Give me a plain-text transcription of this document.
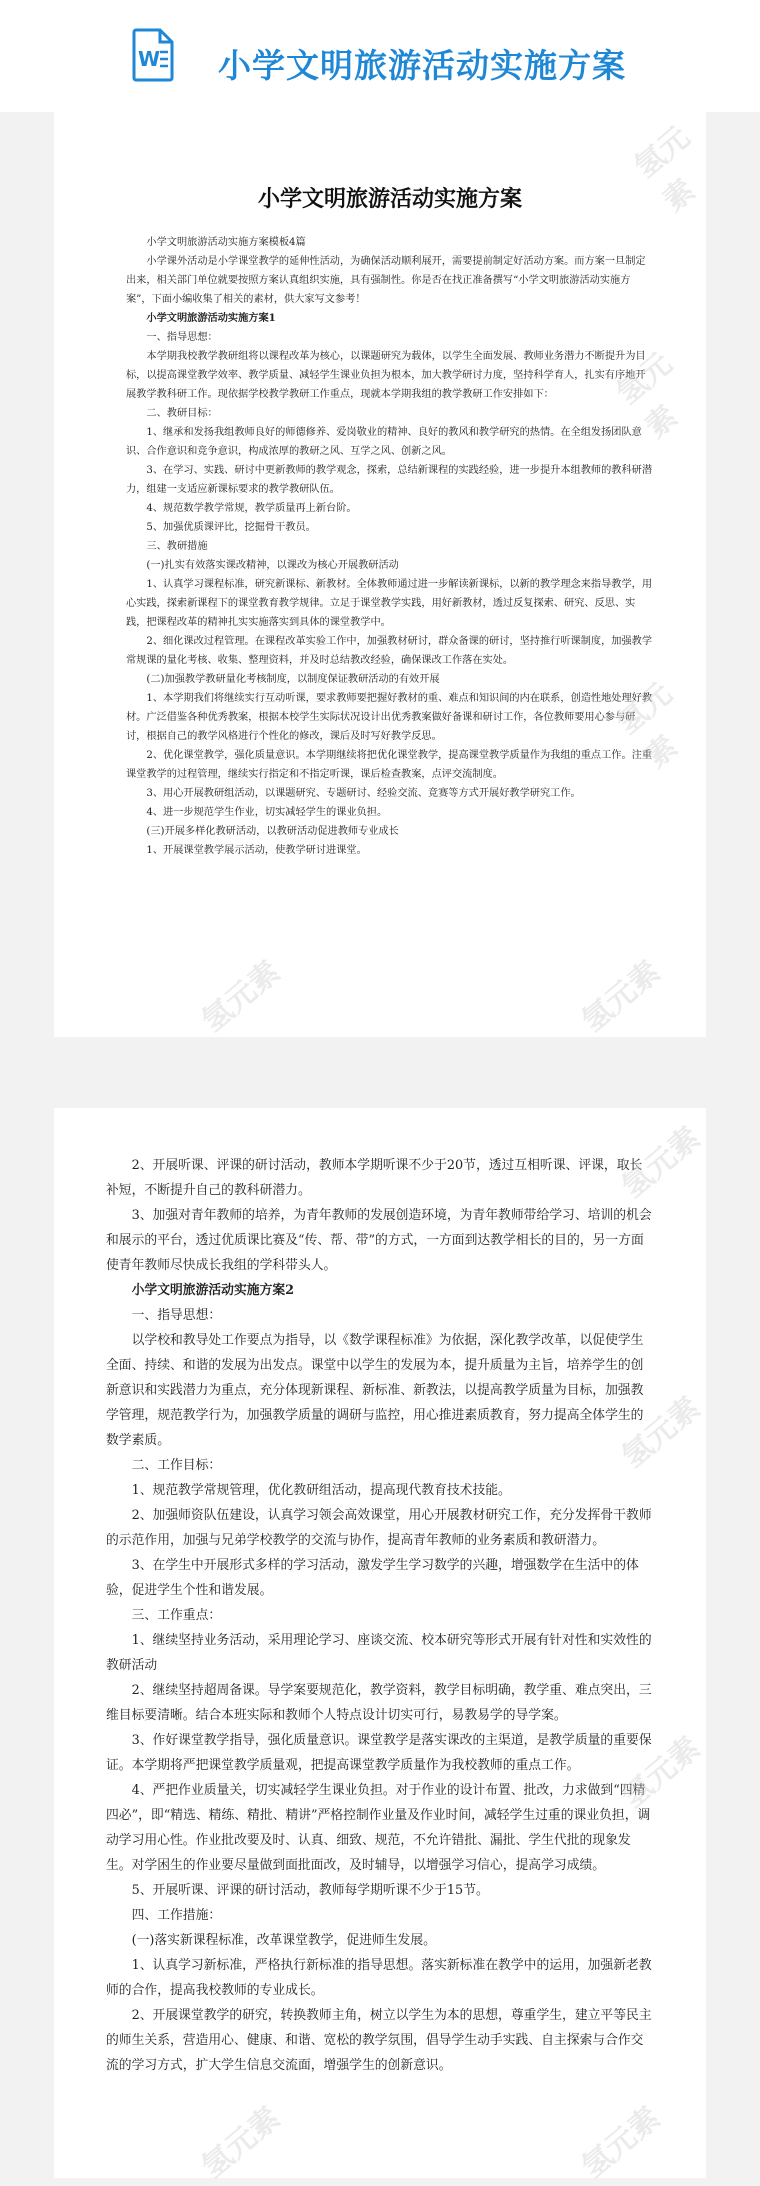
W 小学文明旅游活动实施方案
小学文明旅游活动实施方案

小学文明旅游活动实施方案模板4篇

小学课外活动是小学课堂教学的延伸性活动，为确保活动顺利展开，需要提前制定好活动方案。而方案一旦制定出来，相关部门单位就要按照方案认真组织实施，具有强制性。你是否在找正准备撰写“小学文明旅游活动实施方案”，下面小编收集了相关的素材，供大家写文参考！

小学文明旅游活动实施方案1

一、指导思想：

本学期我校教学教研组将以课程改革为核心，以课题研究为载体，以学生全面发展、教师业务潜力不断提升为目标，以提高课堂教学效率、教学质量、减轻学生课业负担为根本，加大教学研讨力度，坚持科学育人，扎实有序地开展教学教科研工作。现依据学校教学教研工作重点，现就本学期我组的教学教研工作安排如下：

二、教研目标：

1、继承和发扬我组教师良好的师德修养、爱岗敬业的精神、良好的教风和教学研究的热情。在全组发扬团队意识、合作意识和竞争意识，构成浓厚的教研之风、互学之风、创新之风。

3、在学习、实践、研讨中更新教师的教学观念，探索，总结新课程的实践经验，进一步提升本组教师的教科研潜力，组建一支适应新课标要求的教学教研队伍。

4、规范数学教学常规，教学质量再上新台阶。

5、加强优质课评比，挖掘骨干教员。

三、教研措施

(一)扎实有效落实课改精神，以课改为核心开展教研活动

1、认真学习课程标准，研究新课标、新教材。全体教师通过进一步解读新课标，以新的教学理念来指导教学，用心实践，探索新课程下的课堂教育教学规律。立足于课堂教学实践，用好新教材，透过反复探索、研究、反思、实践，把课程改革的精神扎实实施落实到具体的课堂教学中。

2、细化课改过程管理。在课程改革实验工作中，加强教材研讨，群众备课的研讨，坚持推行听课制度，加强教学常规课的量化考核、收集、整理资料，并及时总结教改经验，确保课改工作落在实处。

(二)加强教学教研量化考核制度，以制度保证教研活动的有效开展

1、本学期我们将继续实行互动听课，要求教师要把握好教材的重、难点和知识间的内在联系，创造性地处理好教材。广泛借鉴各种优秀教案，根据本校学生实际状况设计出优秀教案做好备课和研讨工作，各位教师要用心参与研讨，根据自己的教学风格进行个性化的修改，课后及时写好教学反思。

2、优化课堂教学，强化质量意识。本学期继续将把优化课堂教学，提高课堂教学质量作为我组的重点工作。注重课堂教学的过程管理，继续实行指定和不指定听课，课后检查教案，点评交流制度。

3、用心开展教研组活动，以课题研究、专题研讨、经验交流、竞赛等方式开展好教学研究工作。

4、进一步规范学生作业，切实减轻学生的课业负担。

(三)开展多样化教研活动，以教研活动促进教师专业成长

1、开展课堂教学展示活动，使教学研讨进课堂。

氢元素
氢元素
氢元素
氢元素	氢元素

2、开展听课、评课的研讨活动，教师本学期听课不少于20节，透过互相听课、评课，取长补短，不断提升自己的教科研潜力。

3、加强对青年教师的培养，为青年教师的发展创造环境，为青年教师带给学习、培训的机会和展示的平台，透过优质课比赛及“传、帮、带”的方式，一方面到达教学相长的目的，另一方面使青年教师尽快成长我组的学科带头人。

小学文明旅游活动实施方案2

一、指导思想：

以学校和教导处工作要点为指导，以《数学课程标准》为依据，深化教学改革，以促使学生全面、持续、和谐的发展为出发点。课堂中以学生的发展为本，提升质量为主旨，培养学生的创新意识和实践潜力为重点，充分体现新课程、新标准、新教法，以提高教学质量为目标，加强教学管理，规范教学行为，加强教学质量的调研与监控，用心推进素质教育，努力提高全体学生的数学素质。

二、工作目标：

1、规范教学常规管理，优化教研组活动，提高现代教育技术技能。

2、加强师资队伍建设，认真学习领会高效课堂，用心开展教材研究工作，充分发挥骨干教师的示范作用，加强与兄弟学校教学的交流与协作，提高青年教师的业务素质和教研潜力。

3、在学生中开展形式多样的学习活动，激发学生学习数学的兴趣，增强数学在生活中的体验，促进学生个性和谐发展。

三、工作重点：

1、继续坚持业务活动，采用理论学习、座谈交流、校本研究等形式开展有针对性和实效性的教研活动

2、继续坚持超周备课。导学案要规范化，教学资料，教学目标明确，教学重、难点突出，三维目标要清晰。结合本班实际和教师个人特点设计切实可行，易教易学的导学案。

3、作好课堂教学指导，强化质量意识。课堂教学是落实课改的主渠道，是教学质量的重要保证。本学期将严把课堂教学质量观，把提高课堂教学质量作为我校教师的重点工作。

4、严把作业质量关，切实减轻学生课业负担。对于作业的设计布置、批改，力求做到“四精四必”，即“精选、精练、精批、精讲”严格控制作业量及作业时间，减轻学生过重的课业负担，调动学习用心性。作业批改要及时、认真、细致、规范，不允许错批、漏批、学生代批的现象发生。对学困生的作业要尽量做到面批面改，及时辅导，以增强学习信心，提高学习成绩。

5、开展听课、评课的研讨活动，教师每学期听课不少于15节。

四、工作措施：

(一)落实新课程标准，改革课堂教学，促进师生发展。

1、认真学习新标准，严格执行新标准的指导思想。落实新标准在教学中的运用，加强新老教师的合作，提高我校教师的专业成长。

2、开展课堂教学的研究，转换教师主角，树立以学生为本的思想，尊重学生，建立平等民主的师生关系，营造用心、健康、和谐、宽松的教学氛围，倡导学生动手实践、自主探索与合作交流的学习方式，扩大学生信息交流面，增强学生的创新意识。

氢元素
氢元素
氢元素
氢元素	氢元素
